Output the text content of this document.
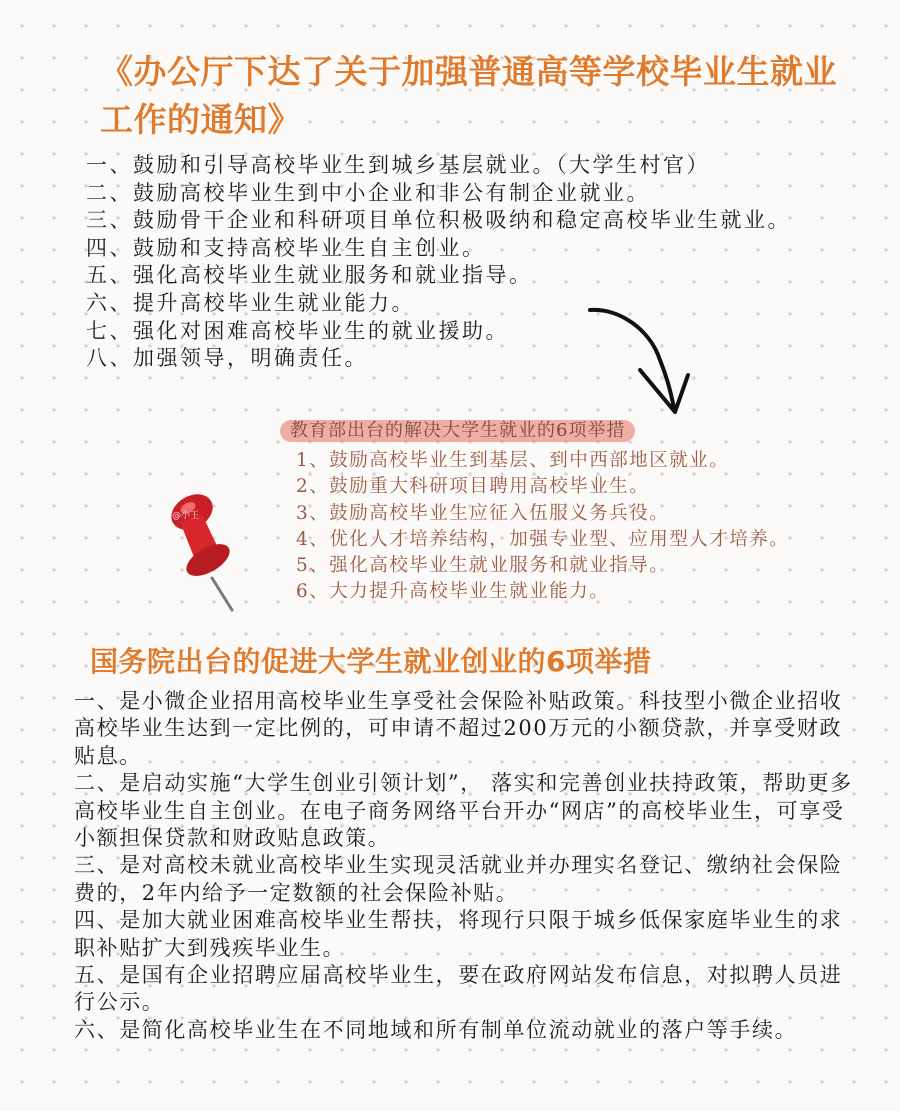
《办公厅下达了关于加强普通高等学校毕业生就业工作的通知》
一、鼓励和引导高校毕业生到城乡基层就业。（大学生村官）
二、鼓励高校毕业生到中小企业和非公有制企业就业。
三、鼓励骨干企业和科研项目单位积极吸纳和稳定高校毕业生就业。
四、鼓励和支持高校毕业生自主创业。
五、强化高校毕业生就业服务和就业指导。
六、提升高校毕业生就业能力。
七、强化对困难高校毕业生的就业援助。
八、加强领导，明确责任。
教育部出台的解决大学生就业的6项举措
1、鼓励高校毕业生到基层、到中西部地区就业。
2、鼓励重大科研项目聘用高校毕业生。
3、鼓励高校毕业生应征入伍服义务兵役。
4、优化人才培养结构，加强专业型、应用型人才培养。
5、强化高校毕业生就业服务和就业指导。
6、大力提升高校毕业生就业能力。
@小王
国务院出台的促进大学生就业创业的6项举措
一、是小微企业招用高校毕业生享受社会保险补贴政策。科技型小微企业招收高校毕业生达到一定比例的，可申请不超过200万元的小额贷款，并享受财政贴息。
二、是启动实施“大学生创业引领计划”， 落实和完善创业扶持政策，帮助更多高校毕业生自主创业。在电子商务网络平台开办“网店”的高校毕业生，可享受小额担保贷款和财政贴息政策。
三、是对高校未就业高校毕业生实现灵活就业并办理实名登记、缴纳社会保险费的，2年内给予一定数额的社会保险补贴。
四、是加大就业困难高校毕业生帮扶，将现行只限于城乡低保家庭毕业生的求职补贴扩大到残疾毕业生。
五、是国有企业招聘应届高校毕业生，要在政府网站发布信息，对拟聘人员进行公示。
六、是简化高校毕业生在不同地域和所有制单位流动就业的落户等手续。
